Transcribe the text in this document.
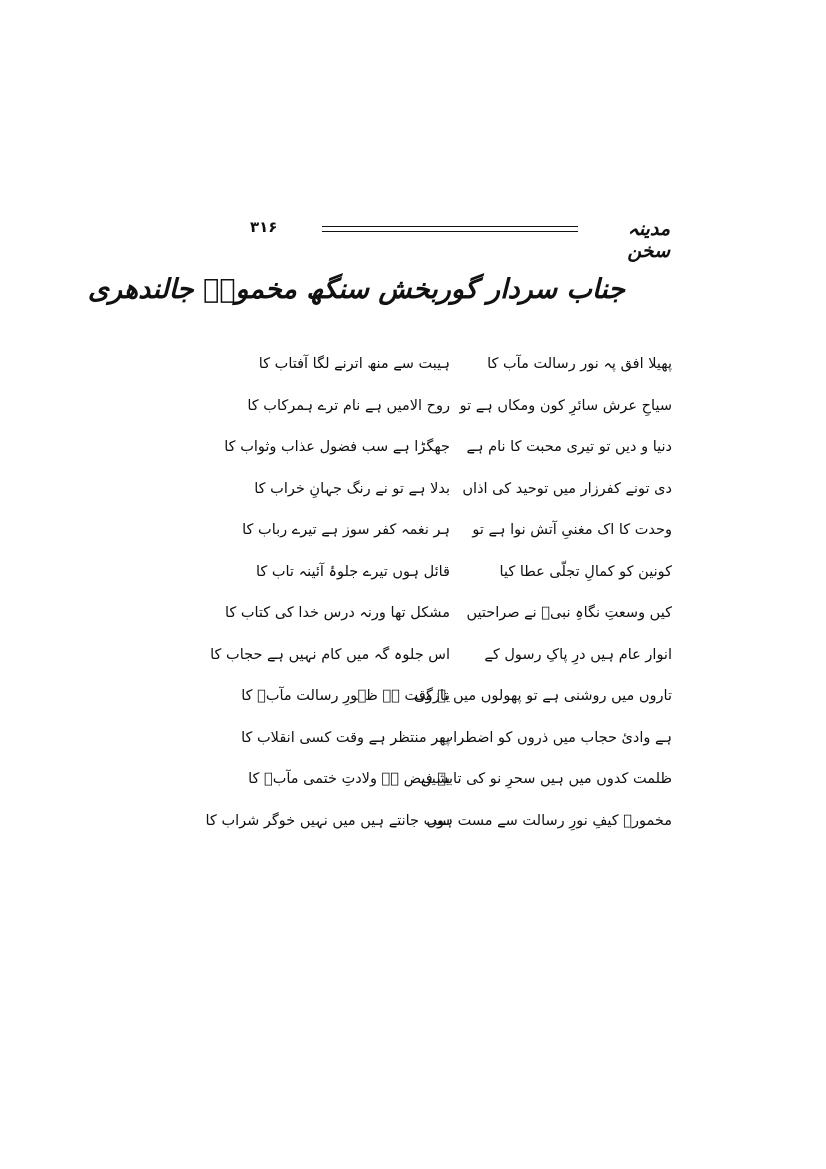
مدینہ سخن
۳۱۶
جناب سردار گوربخش سنگھ مخمورؔ جالندھری
پھیلا افق پہ نور رسالت مآب کا
ہیبت سے منھ اترنے لگا آفتاب کا
سیاحِ عرش سائرِ کون ومکاں ہے تو
روح الامیں ہے نام ترے ہمرکاب کا
دنیا و دیں تو تیری محبت کا نام ہے
جھگڑا ہے سب فضول عذاب وثواب کا
دی تونے کفرزار میں توحید کی اذاں
بدلا ہے تو نے رنگ جہانِ خراب کا
وحدت کا اک مغنیِ آتش نوا ہے تو
ہر نغمہ کفر سوز ہے تیرے رباب کا
کونین کو کمالِ تجلّی عطا کیا
قائل ہوں تیرے جلوۂ آئینہ تاب کا
کیں وسعتِ نگاہِ نبیؐ نے صراحتیں
مشکل تھا ورنہ درس خدا کی کتاب کا
انوار عام ہیں درِ پاکِ رسول کے
اس جلوہ گہ میں کام نہیں ہے حجاب کا
تاروں میں روشنی ہے تو پھولوں میں تازگی
یہ وقت ہے ظہورِ رسالت مآبؐ کا
ہے وادیٔ حجاب میں ذروں کو اضطراب
پھر منتظر ہے وقت کسی انقلاب کا
ظلمت کدوں میں ہیں سحرِ نو کی تابشیں
یہ فیض ہے ولادتِ ختمی مآبؐ کا
مخمورؔ کیفِ نورِ رسالت سے مست ہوں
سب جانتے ہیں میں نہیں خوگر شراب کا
